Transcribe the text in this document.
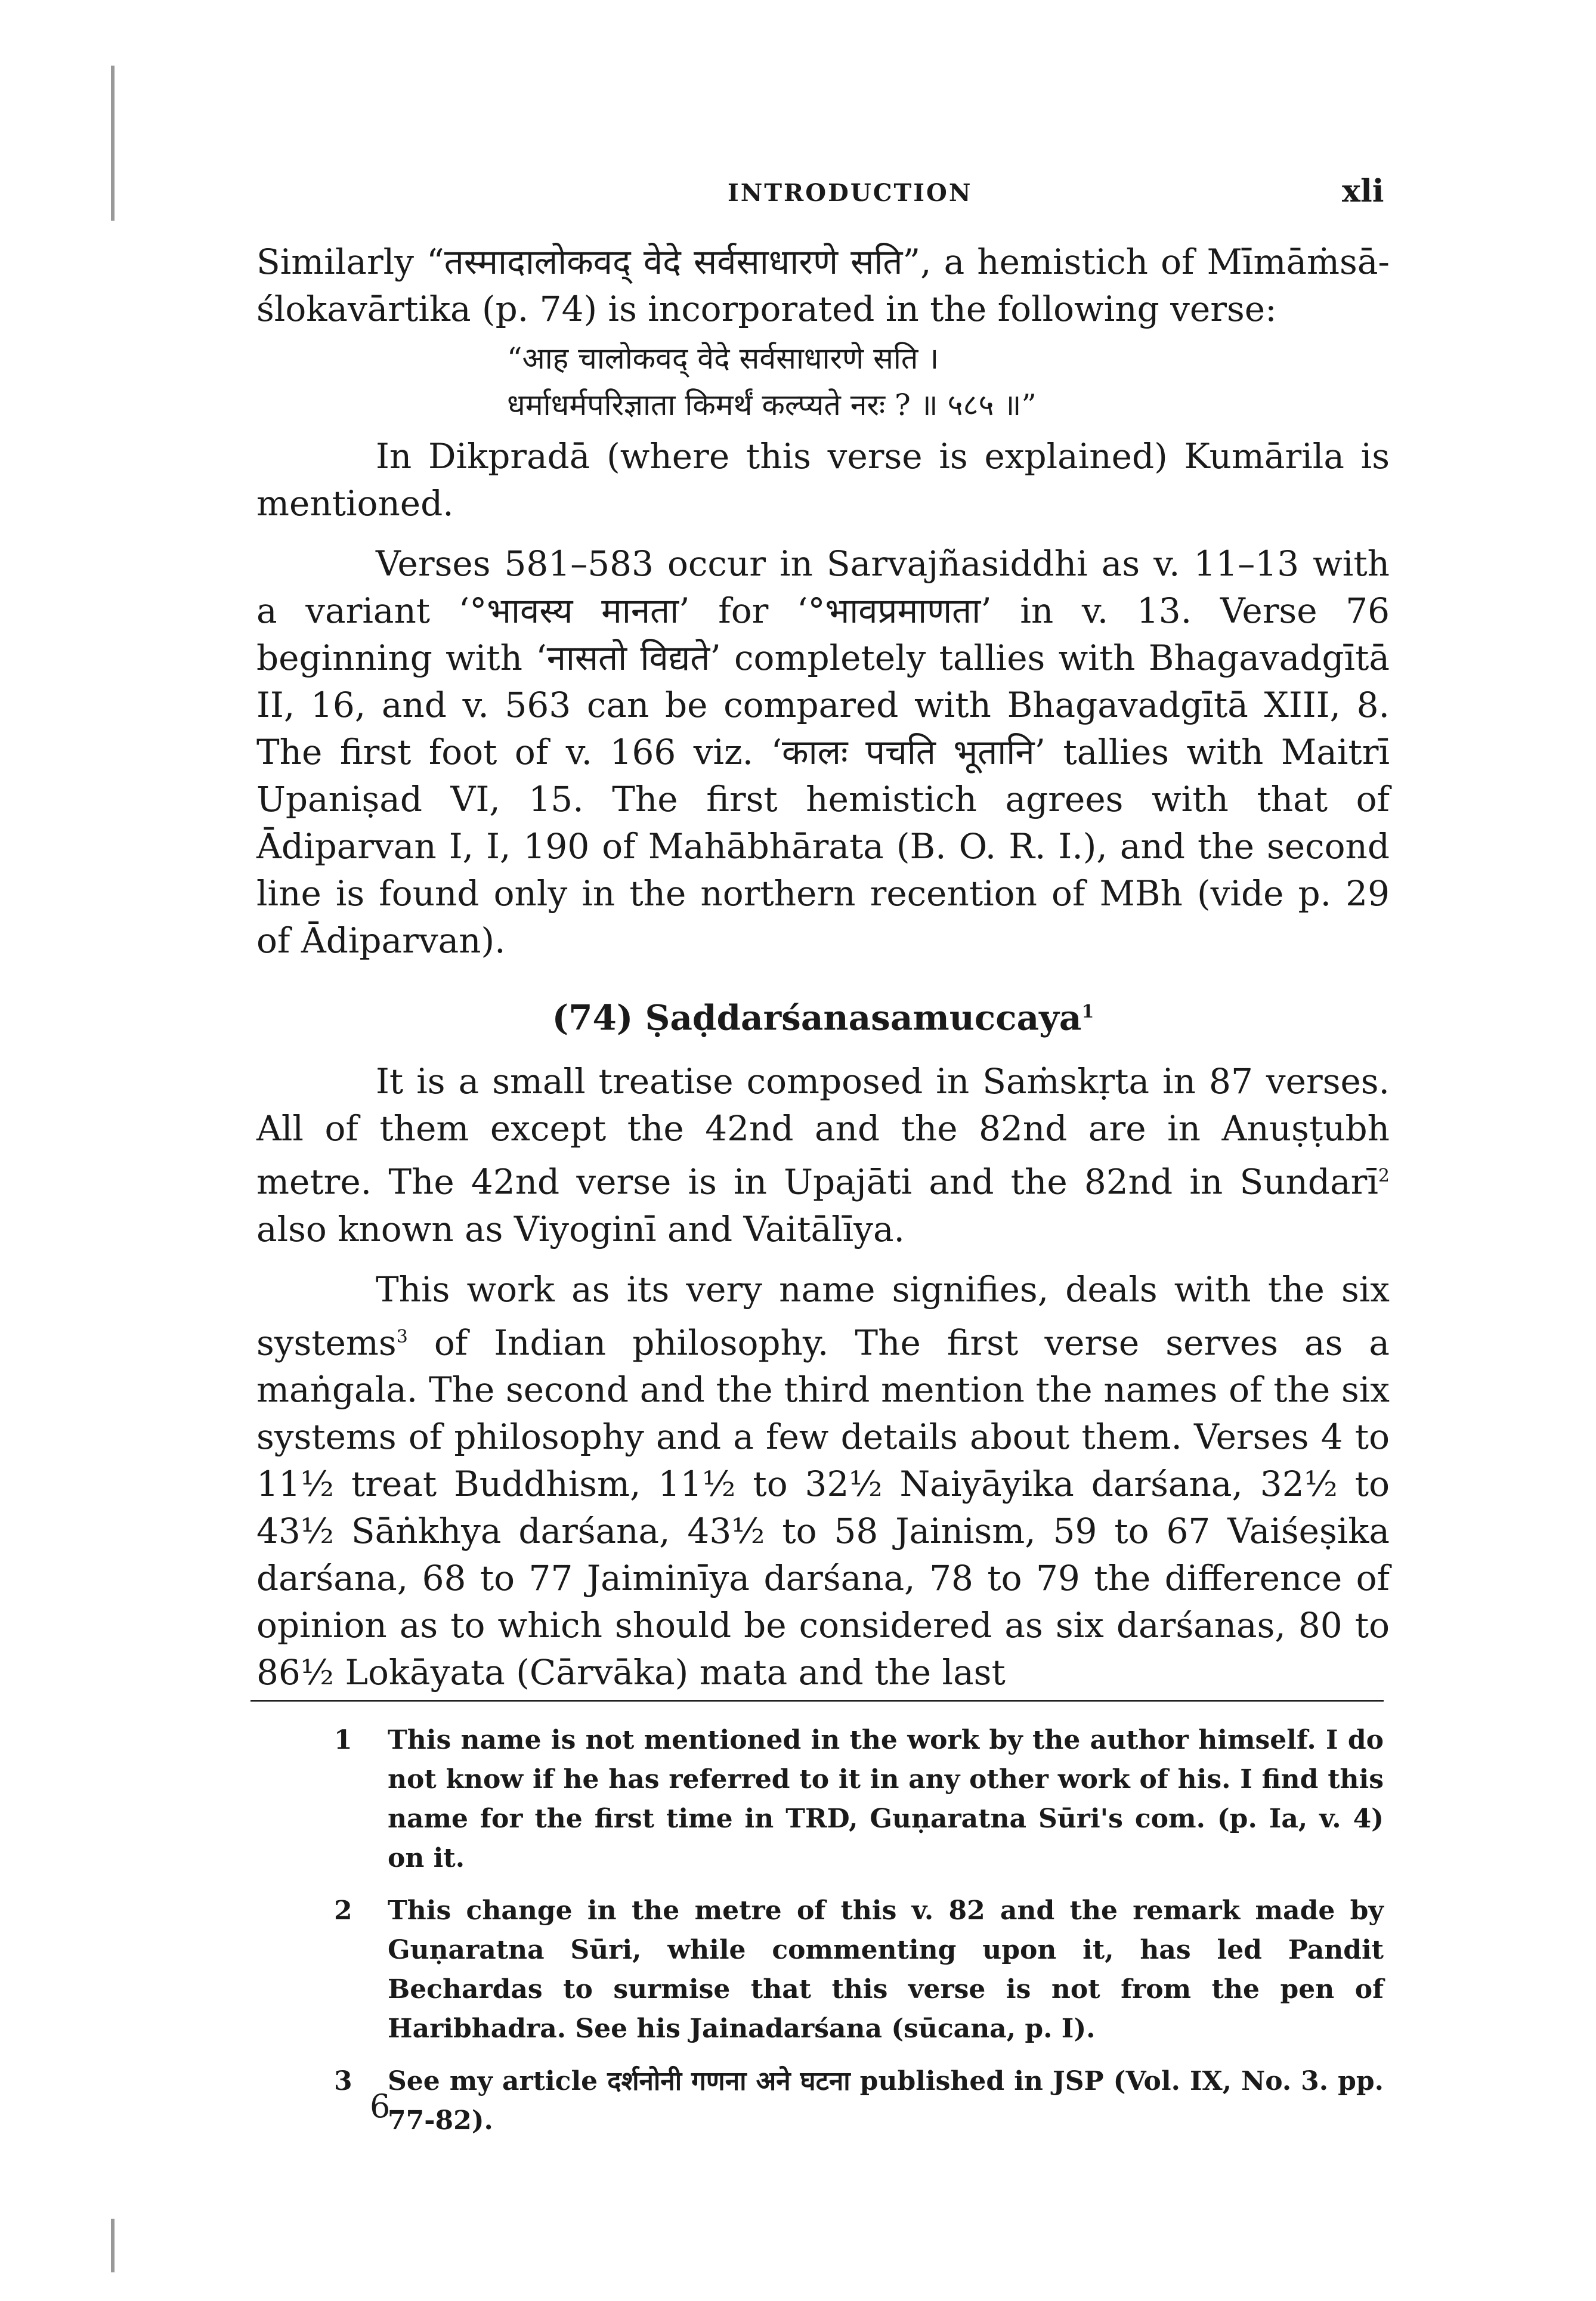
INTRODUCTION	xli

Similarly “तस्मादालोकवद् वेदे सर्वसाधारणे सति”, a hemistich of Mīmāṁsā-ślokavārtika (p. 74) is incorporated in the following verse:

“आह चालोकवद् वेदे सर्वसाधारणे सति ।
धर्माधर्मपरिज्ञाता किमर्थं कल्प्यते नरः ? ॥ ५८५ ॥”

In Dikpradā (where this verse is explained) Kumārila is mentioned.

Verses 581–583 occur in Sarvajñasiddhi as v. 11–13 with a variant ‘°भावस्य मानता’ for ‘°भावप्रमाणता’ in v. 13. Verse 76 beginning with ‘नासतो विद्यते’ completely tallies with Bhagavadgītā II, 16, and v. 563 can be compared with Bhagavadgītā XIII, 8. The first foot of v. 166 viz. ‘कालः पचति भूतानि’ tallies with Maitrī Upaniṣad VI, 15. The first hemistich agrees with that of Ādiparvan I, I, 190 of Mahābhārata (B. O. R. I.), and the second line is found only in the northern recention of MBh (vide p. 29 of Ādiparvan).

(74) Ṣaḍdarśanasamuccaya$^1$

It is a small treatise composed in Saṁskṛta in 87 verses. All of them except the 42nd and the 82nd are in Anuṣṭubh metre. The 42nd verse is in Upajāti and the 82nd in Sundarī$^2$ also known as Viyoginī and Vaitālīya.

This work as its very name signifies, deals with the six systems$^3$ of Indian philosophy. The first verse serves as a maṅgala. The second and the third mention the names of the six systems of philosophy and a few details about them. Verses 4 to 11½ treat Buddhism, 11½ to 32½ Naiyāyika darśana, 32½ to 43½ Sāṅkhya darśana, 43½ to 58 Jainism, 59 to 67 Vaiśeṣika darśana, 68 to 77 Jaiminīya darśana, 78 to 79 the difference of opinion as to which should be considered as six darśanas, 80 to 86½ Lokāyata (Cārvāka) mata and the last

1 This name is not mentioned in the work by the author himself. I do not know if he has referred to it in any other work of his. I find this name for the first time in TRD, Guṇaratna Sūri's com. (p. Ia, v. 4) on it.
2 This change in the metre of this v. 82 and the remark made by Guṇaratna Sūri, while commenting upon it, has led Pandit Bechardas to surmise that this verse is not from the pen of Haribhadra. See his Jainadarśana (sūcana, p. I).
3 See my article दर्शनोनी गणना अने घटना published in JSP (Vol. IX, No. 3. pp. 77-82).
6
